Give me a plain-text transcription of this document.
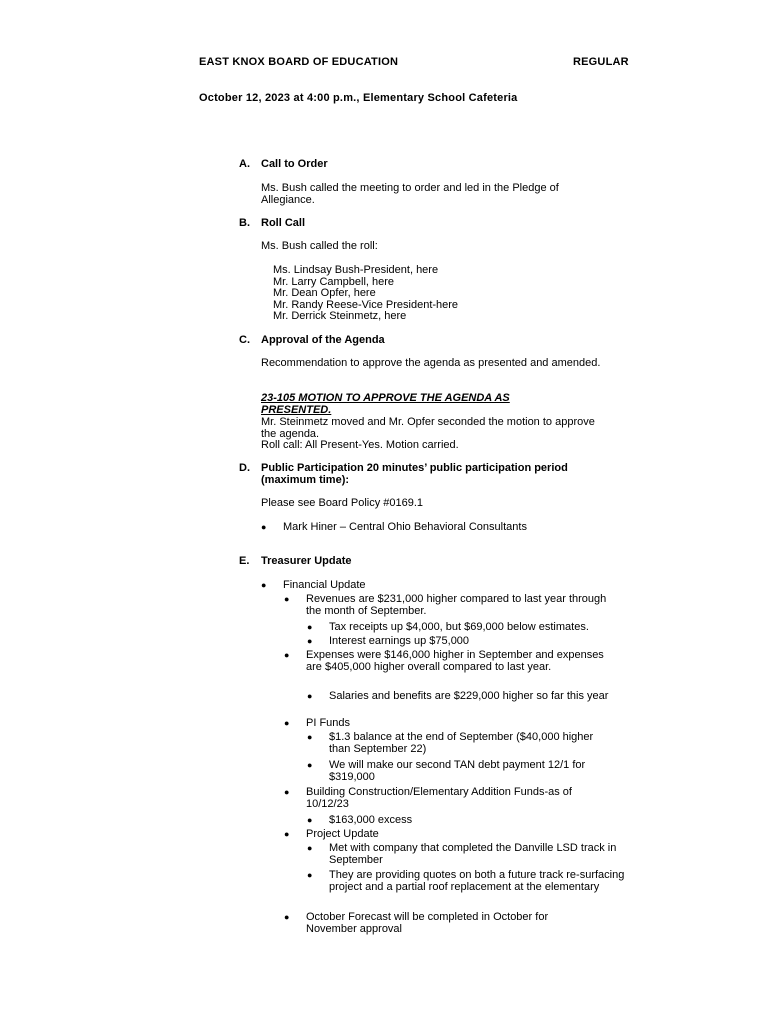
EAST KNOX BOARD OF EDUCATION	REGULAR
October 12, 2023 at 4:00 p.m., Elementary School Cafeteria
A. Call to Order
Ms. Bush called the meeting to order and led in the Pledge of Allegiance.
B. Roll Call
Ms. Bush called the roll:
Ms. Lindsay Bush-President, here
Mr. Larry Campbell, here
Mr. Dean Opfer, here
Mr. Randy Reese-Vice President-here
Mr. Derrick Steinmetz, here
C. Approval of the Agenda
Recommendation to approve the agenda as presented and amended.
23-105 MOTION TO APPROVE THE AGENDA AS PRESENTED.
Mr. Steinmetz moved and Mr. Opfer seconded the motion to approve the agenda.
Roll call: All Present-Yes. Motion carried.
D. Public Participation 20 minutes’ public participation period (maximum time):
Please see Board Policy #0169.1
● Mark Hiner – Central Ohio Behavioral Consultants
E. Treasurer Update
● Financial Update
● Revenues are $231,000 higher compared to last year through the month of September.
● Tax receipts up $4,000, but $69,000 below estimates.
● Interest earnings up $75,000
● Expenses were $146,000 higher in September and expenses are $405,000 higher overall compared to last year.
● Salaries and benefits are $229,000 higher so far this year
● PI Funds
● $1.3 balance at the end of September ($40,000 higher than September 22)
● We will make our second TAN debt payment 12/1 for $319,000
● Building Construction/Elementary Addition Funds-as of 10/12/23
● $163,000 excess
● Project Update
● Met with company that completed the Danville LSD track in September
● They are providing quotes on both a future track re-surfacing project and a partial roof replacement at the elementary
● October Forecast will be completed in October for November approval
